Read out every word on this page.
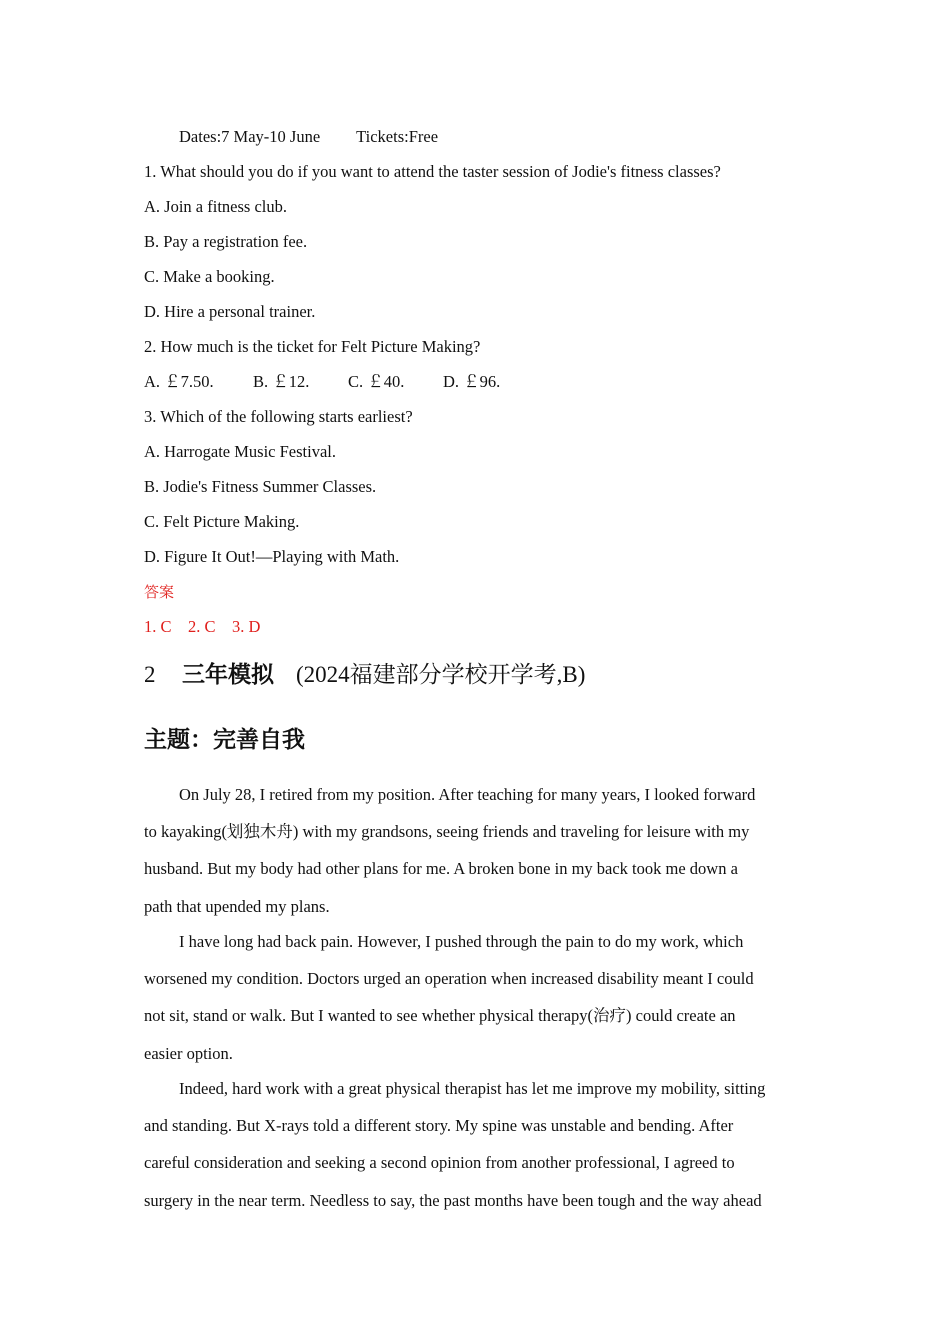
Dates:7 May-10 June Tickets:Free
1. What should you do if you want to attend the taster session of Jodie's fitness classes?
A. Join a fitness club.
B. Pay a registration fee.
C. Make a booking.
D. Hire a personal trainer.
2. How much is the ticket for Felt Picture Making?
A. ￡7.50. B. ￡12. C. ￡40. D. ￡96.
3. Which of the following starts earliest?
A. Harrogate Music Festival.
B. Jodie's Fitness Summer Classes.
C. Felt Picture Making.
D. Figure It Out!—Playing with Math.
答案
1. C    2. C    3. D
2 三年模拟 (2024福建部分学校开学考,B)
主题：完善自我
On July 28, I retired from my position. After teaching for many years, I looked forward
to kayaking(划独木舟) with my grandsons, seeing friends and traveling for leisure with my
husband. But my body had other plans for me. A broken bone in my back took me down a
path that upended my plans.
I have long had back pain. However, I pushed through the pain to do my work, which
worsened my condition. Doctors urged an operation when increased disability meant I could
not sit, stand or walk. But I wanted to see whether physical therapy(治疗) could create an
easier option.
Indeed, hard work with a great physical therapist has let me improve my mobility, sitting
and standing. But X-rays told a different story. My spine was unstable and bending. After
careful consideration and seeking a second opinion from another professional, I agreed to
surgery in the near term. Needless to say, the past months have been tough and the way ahead
